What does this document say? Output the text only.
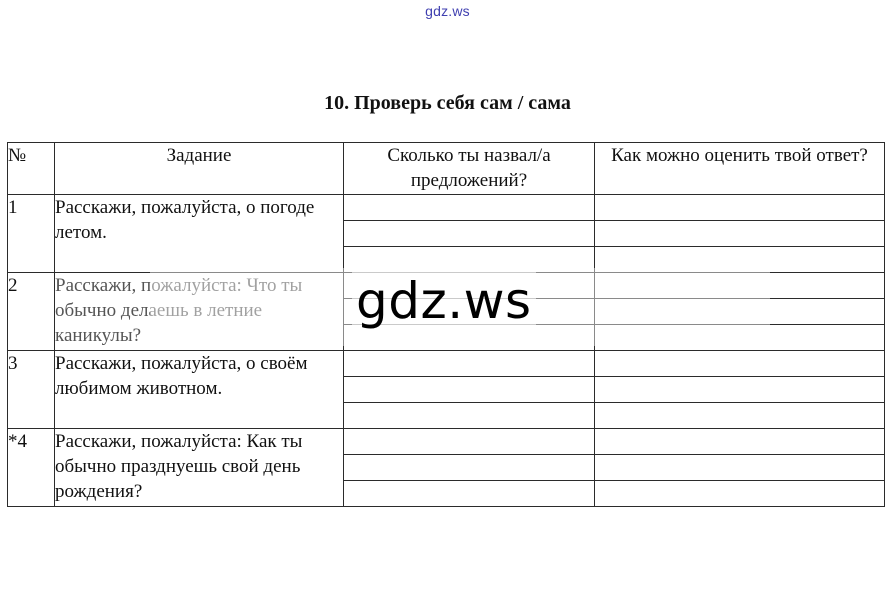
gdz.ws
10. Проверь себя сам / сама
№	Задание	Сколько ты назвал/а предложений?	Как можно оценить твой ответ?
1	Расскажи, пожалуйста, о погоде летом.		

2	Расскажи, пожалуйста: Что ты обычно делаешь в летние каникулы?		

3	Расскажи, пожалуйста, о своём любимом животном.		

*4	Расскажи, пожалуйста: Как ты обычно празднуешь свой день рождения?		

gdz.ws
